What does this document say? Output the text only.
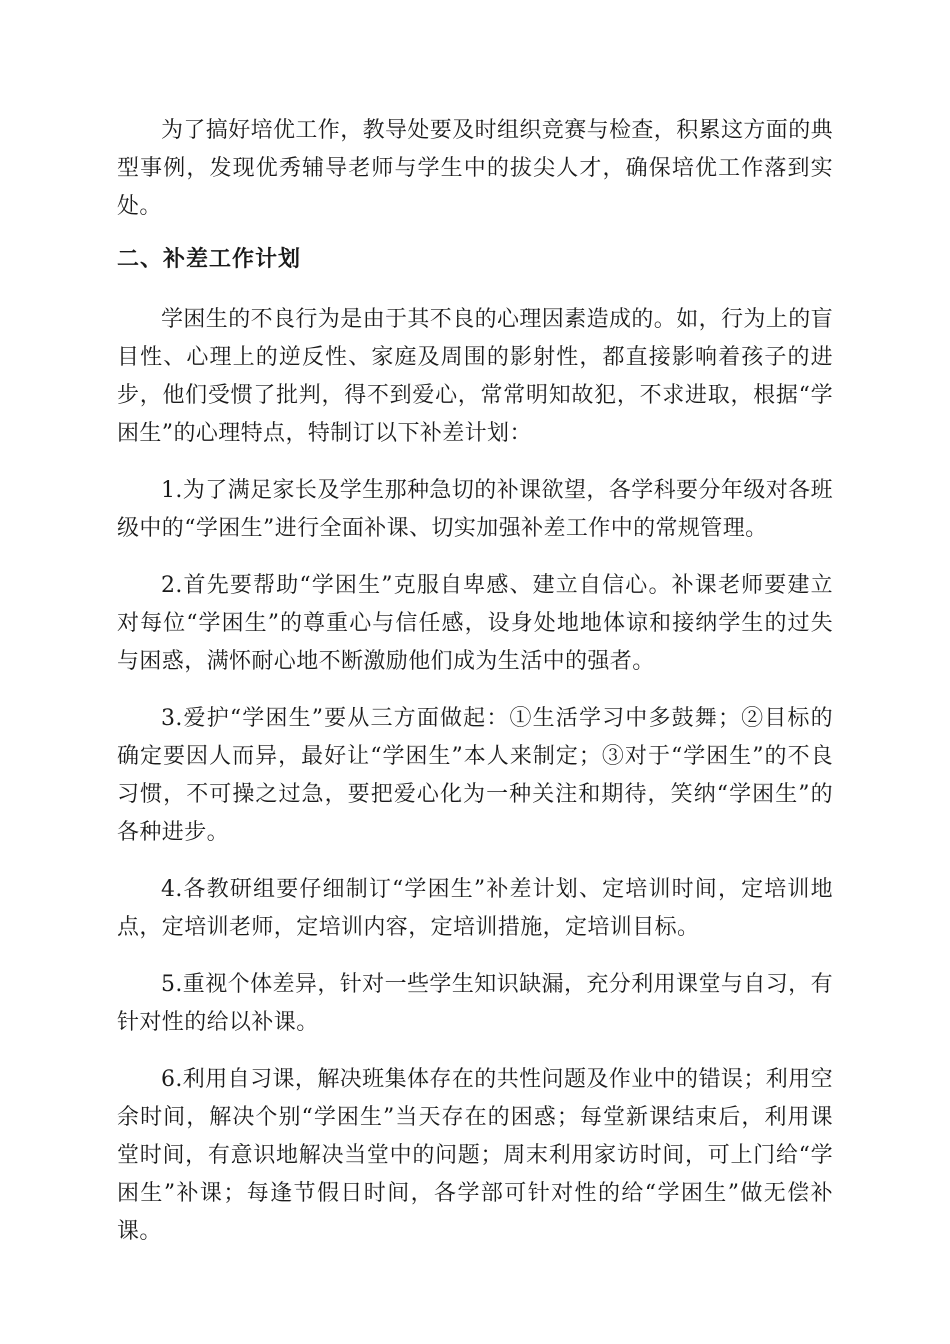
为了搞好培优工作，教导处要及时组织竞赛与检查，积累这方面的典型事例，发现优秀辅导老师与学生中的拔尖人才，确保培优工作落到实处。

二、补差工作计划

学困生的不良行为是由于其不良的心理因素造成的。如，行为上的盲目性、心理上的逆反性、家庭及周围的影射性，都直接影响着孩子的进步，他们受惯了批判，得不到爱心，常常明知故犯，不求进取，根据“学困生”的心理特点，特制订以下补差计划：

1.为了满足家长及学生那种急切的补课欲望，各学科要分年级对各班级中的“学困生”进行全面补课、切实加强补差工作中的常规管理。

2.首先要帮助“学困生”克服自卑感、建立自信心。补课老师要建立对每位“学困生”的尊重心与信任感，设身处地地体谅和接纳学生的过失与困惑，满怀耐心地不断激励他们成为生活中的强者。

3.爱护“学困生”要从三方面做起：①生活学习中多鼓舞；②目标的确定要因人而异，最好让“学困生”本人来制定；③对于“学困生”的不良习惯，不可操之过急，要把爱心化为一种关注和期待，笑纳“学困生”的各种进步。

4.各教研组要仔细制订“学困生”补差计划、定培训时间，定培训地点，定培训老师，定培训内容，定培训措施，定培训目标。

5.重视个体差异，针对一些学生知识缺漏，充分利用课堂与自习，有针对性的给以补课。

6.利用自习课，解决班集体存在的共性问题及作业中的错误；利用空余时间，解决个别“学困生”当天存在的困惑；每堂新课结束后，利用课堂时间，有意识地解决当堂中的问题；周末利用家访时间，可上门给“学困生”补课；每逢节假日时间，各学部可针对性的给“学困生”做无偿补课。
